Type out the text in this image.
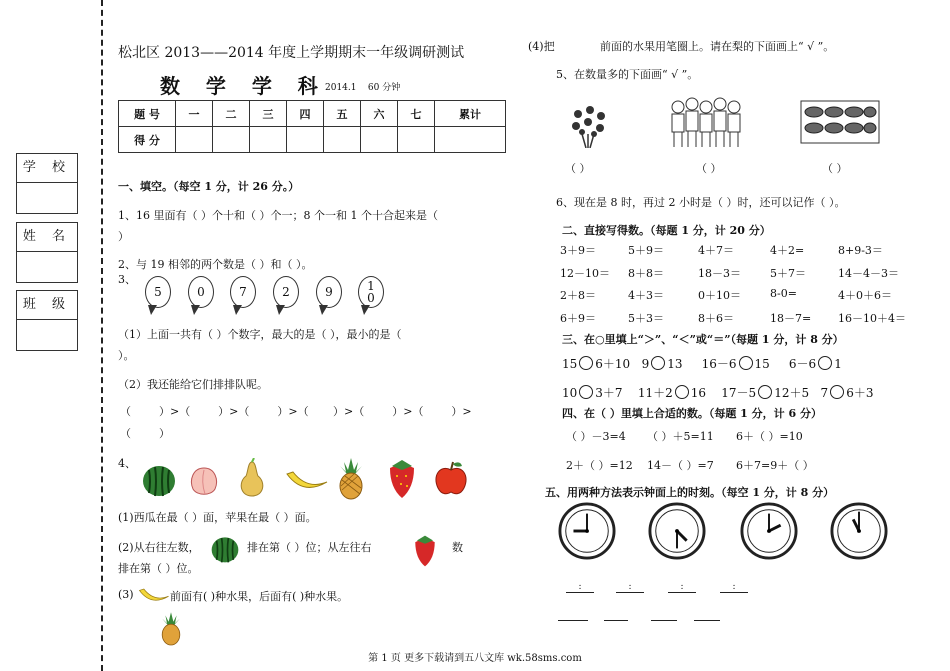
学 校
姓 名
班 级
松北区 2013——2014 年度上学期期末一年级调研测试
数  学  学  科 2014.1    60 分钟
题 号	一	二	三	四	五	六	七	累计
得 分								
一、填空。（每空 1 分，计 26 分。）
1、16 里面有（ ）个十和（ ）个一；8 个一和 1 个十合起来是（
）
2、与 19 相邻的两个数是（ ）和（ ）。
3、
5	0	7	2	9	1
0
（1）上面一共有（ ）个数字，最大的是（ ），最小的是（
）。
（2）我还能给它们排排队呢。
（        ）>（        ）>（        ）>（       ）>（        ）>（        ）>
（        ）
4、
(1)西瓜在最（ ）面，苹果在最（ ）面。
(2)从右往左数，	排在第（ ）位；从左往右	数
排在第（ ）位。
(3)	前面有( )种水果，后面有( )种水果。
(4)把	前面的水果用笔圈上。请在梨的下面画上“ √ ”。
5、在数量多的下面画“ √ ”。
（ ）	（ ）	（ ）
6、现在是 8 时，再过 2 小时是（ ）时，还可以记作（ ）。
二、直接写得数。（每题 1 分，计 20 分）
3＋9＝	5＋9＝	4＋7＝	4＋2=	8+9-3＝
12－10＝ 8＋8＝	18－3＝	5＋7＝	14－4－3＝
2＋8＝	4＋3＝	0＋10＝	8-0=	4＋0＋6＝
6＋9＝	5＋3＝	8＋6＝	18－7= 16－10＋4＝
三、在○里填上“＞”、“＜”或“＝”（每题 1 分，计 8 分）
15 6＋10 9 13 16－6 15 6－6 1
10 3＋7 11＋2 16 17－5 12＋5 7 6＋3
四、在（ ）里填上合适的数。（每题 1 分，计 6 分）
（ ）－3=4 （ ）＋5=11 6＋（ ）=10
2＋（ ）=12 14－（ ）=7 6＋7=9＋（ ）
五、用两种方法表示钟面上的时刻。（每空 1 分，计 8 分）
:	:	:	:
第 1 页 更多下载请到五八文库 wk.58sms.com
